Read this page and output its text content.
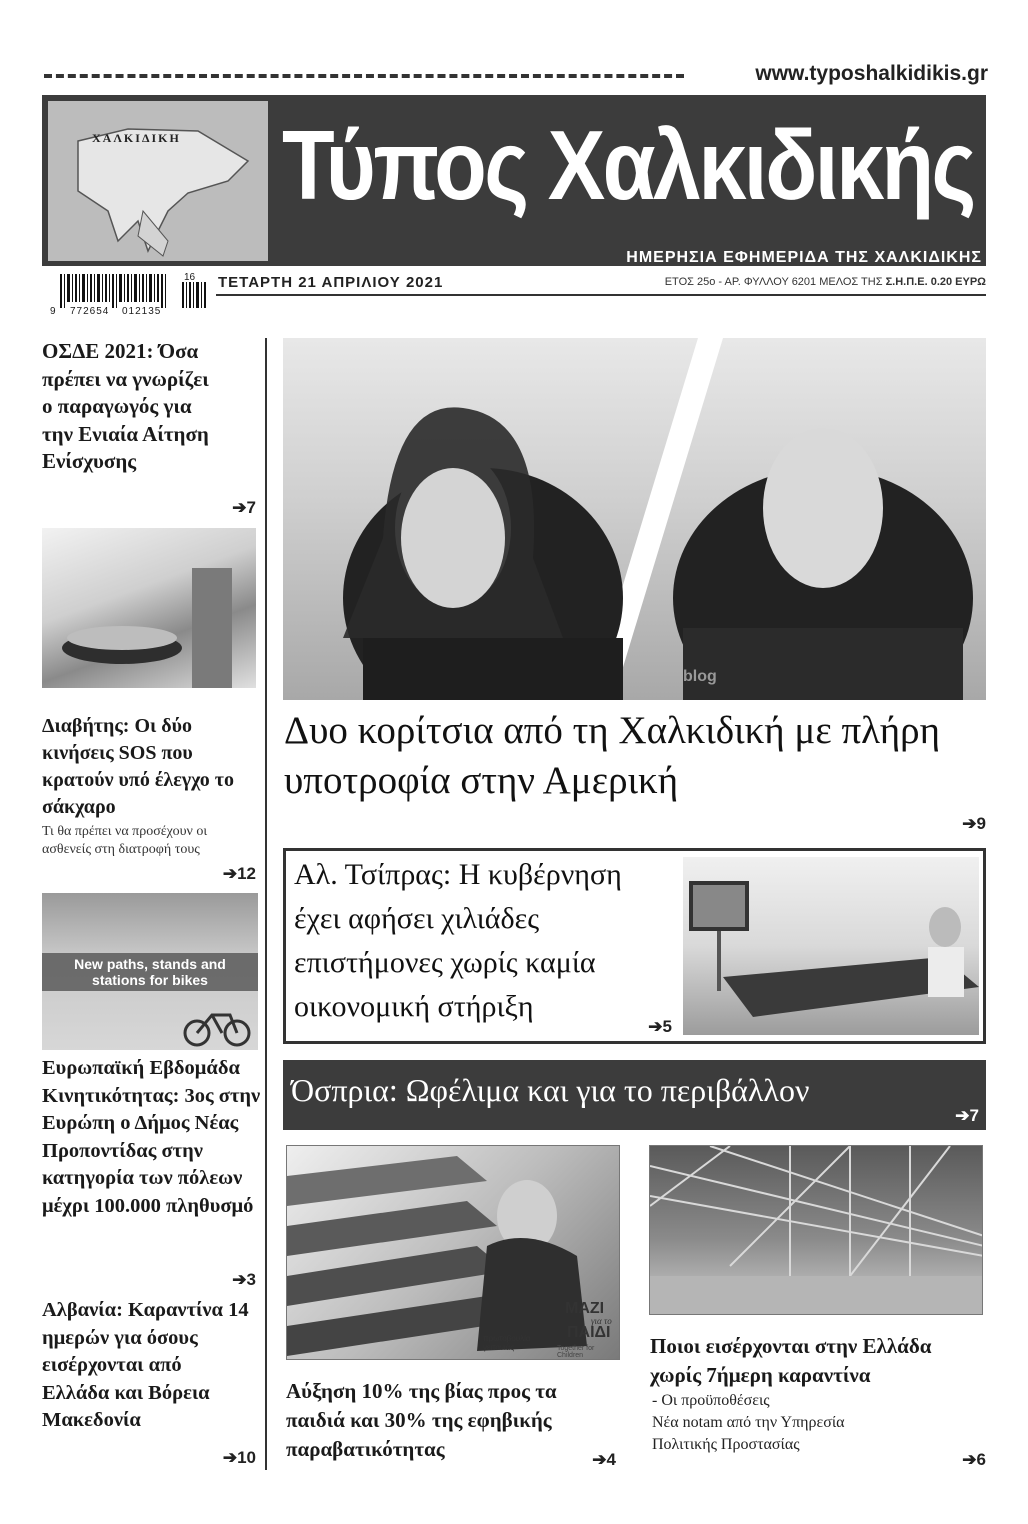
www.typoshalkidikis.gr
ΧΑΛΚΙΔΙΚΗ Τύπος Χαλκιδικής
ΗΜΕΡΗΣΙΑ ΕΦΗΜΕΡΙΔΑ ΤΗΣ ΧΑΛΚΙΔΙΚΗΣ
9 772654 012135
16 ΤΕΤΑΡΤΗ 21 ΑΠΡΙΛΙΟΥ 2021	ΕΤΟΣ 25ο - ΑΡ. ΦΥΛΛΟΥ 6201 ΜΕΛΟΣ ΤΗΣ Σ.Η.Π.Ε. 0.20 ΕΥΡΩ
ΟΣΔΕ 2021: Όσα πρέπει να γνωρίζει ο παραγωγός για την Ενιαία Αίτηση Ενίσχυσης
➔7
Διαβήτης: Οι δύο κινήσεις SOS που κρατούν υπό έλεγχο το σάκχαρο
Τι θα πρέπει να προσέχουν οι ασθενείς στη διατροφή τους
➔12
New paths, stands and stations for bikes
Ευρωπαϊκή Εβδομάδα Κινητικότητας: 3ος στην Ευρώπη ο Δήμος Νέας Προποντίδας στην κατηγορία των πόλεων μέχρι 100.000 πληθυσμό
➔3
Αλβανία: Καραντίνα 14 ημερών για όσους εισέρχονται από Ελλάδα και Βόρεια Μακεδονία
➔10
blog
Δυο κορίτσια από τη Χαλκιδική με πλήρη υποτροφία στην Αμερική
➔9
Αλ. Τσίπρας: Η κυβέρνηση έχει αφήσει χιλιάδες επιστήμονες χωρίς καμία οικονομική στήριξη
➔5
Όσπρια: Ωφέλιμα και για το περιβάλλον
➔7
ΜΑΖΙ
για το
ΠΑΙΔΙ
Together for Children
πρωτοβουλία γειτονιάς
Αύξηση 10% της βίας προς τα παιδιά και 30% της εφηβικής παραβατικότητας	➔4
Ποιοι εισέρχονται στην Ελλάδα χωρίς 7ήμερη καραντίνα
- Οι προϋποθέσεις
Νέα notam από την Υπηρεσία Πολιτικής Προστασίας
➔6
